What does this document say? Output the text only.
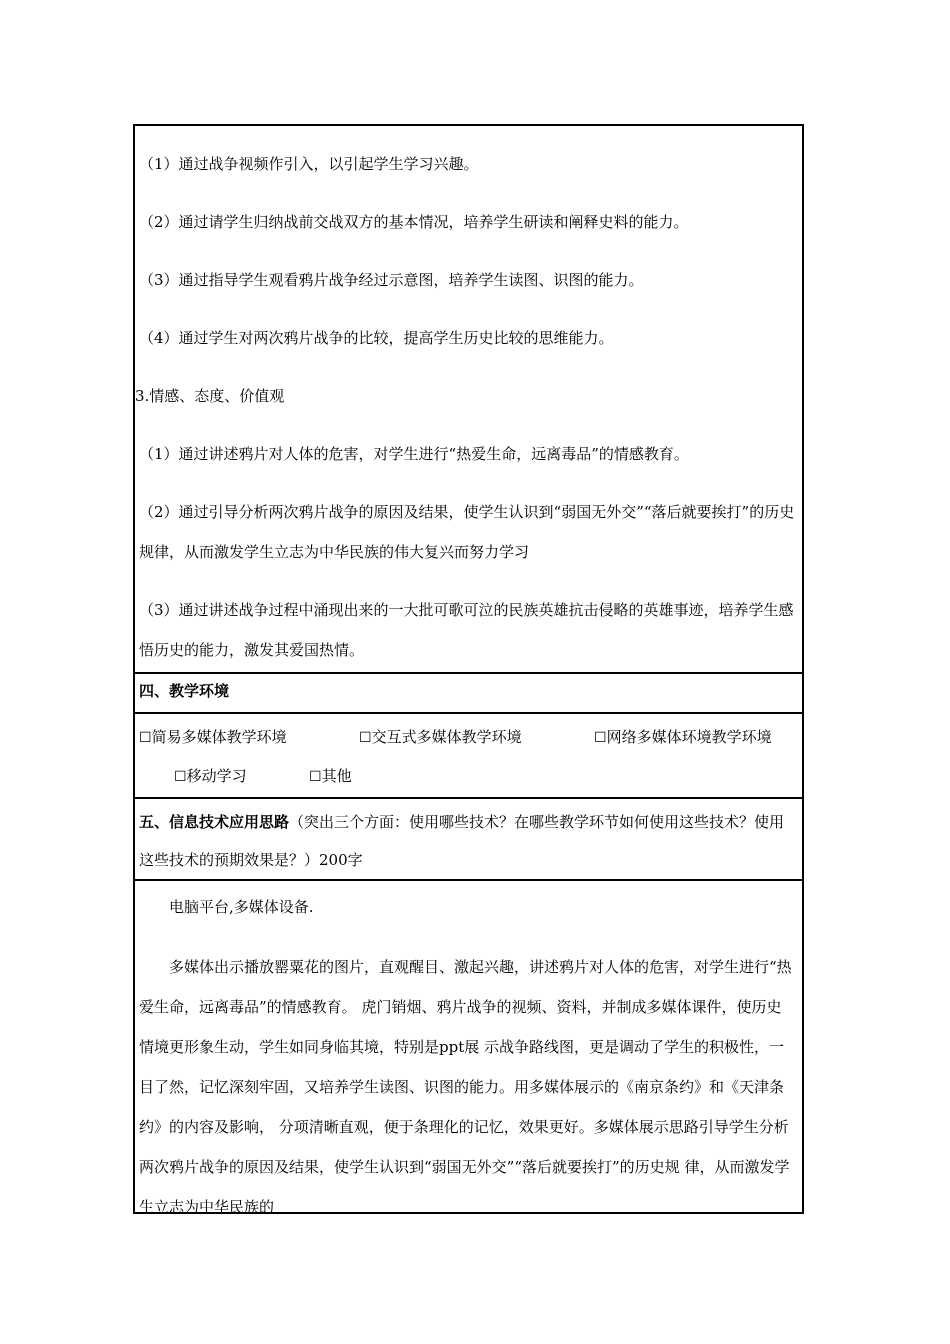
（1）通过战争视频作引入，以引起学生学习兴趣。

（2）通过请学生归纳战前交战双方的基本情况，培养学生研读和阐释史料的能力。

（3）通过指导学生观看鸦片战争经过示意图，培养学生读图、识图的能力。

（4）通过学生对两次鸦片战争的比较，提高学生历史比较的思维能力。

3.情感、态度、价值观

（1）通过讲述鸦片对人体的危害，对学生进行“热爱生命，远离毒品”的情感教育。

（2）通过引导分析两次鸦片战争的原因及结果，使学生认识到“弱国无外交”“落后就要挨打”的历史规律，从而激发学生立志为中华民族的伟大复兴而努力学习

（3）通过讲述战争过程中涌现出来的一大批可歌可泣的民族英雄抗击侵略的英雄事迹，培养学生感悟历史的能力，激发其爱国热情。

四、教学环境
☐简易多媒体教学环境	☐交互式多媒体教学环境	☐网络多媒体环境教学环境
☐移动学习	☐其他

五、信息技术应用思路（突出三个方面：使用哪些技术？在哪些教学环节如何使用这些技术？使用这些技术的预期效果是？）200字

电脑平台,多媒体设备.

多媒体出示播放罂粟花的图片，直观醒目、激起兴趣，讲述鸦片对人体的危害，对学生进行“热爱生命，远离毒品”的情感教育。 虎门销烟、鸦片战争的视频、资料，并制成多媒体课件，使历史情境更形象生动，学生如同身临其境，特别是ppt展 示战争路线图，更是调动了学生的积极性，一目了然，记忆深刻牢固，又培养学生读图、识图的能力。用多媒体展示的《南京条约》和《天津条约》的内容及影响， 分项清晰直观，便于条理化的记忆，效果更好。多媒体展示思路引导学生分析两次鸦片战争的原因及结果，使学生认识到“弱国无外交”“落后就要挨打”的历史规 律，从而激发学生立志为中华民族的
